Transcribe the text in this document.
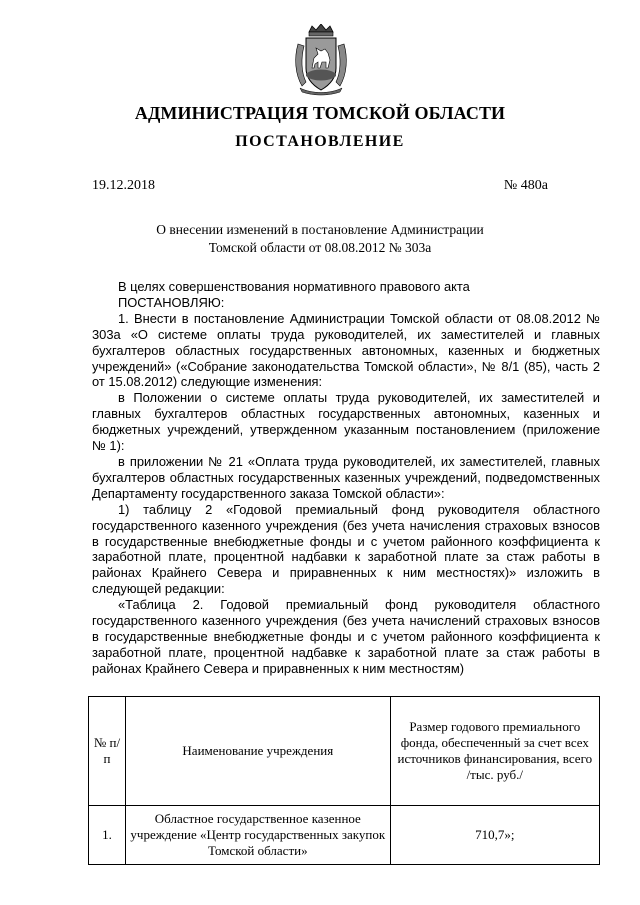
АДМИНИСТРАЦИЯ ТОМСКОЙ ОБЛАСТИ
ПОСТАНОВЛЕНИЕ
19.12.2018	№ 480а
О внесении изменений в постановление Администрации
Томской области от 08.08.2012 № 303а

В целях совершенствования нормативного правового акта

ПОСТАНОВЛЯЮ:

1. Внести в постановление Администрации Томской области от 08.08.2012 № 303а «О системе оплаты труда руководителей, их заместителей и главных бухгалтеров областных государственных автономных, казенных и бюджетных учреждений» («Собрание законодательства Томской области», № 8/1 (85), часть 2 от 15.08.2012) следующие изменения:

в Положении о системе оплаты труда руководителей, их заместителей и главных бухгалтеров областных государственных автономных, казенных и бюджетных учреждений, утвержденном указанным постановлением (приложение № 1):

в приложении № 21 «Оплата труда руководителей, их заместителей, главных бухгалтеров областных государственных казенных учреждений, подведомственных Департаменту государственного заказа Томской области»:

1) таблицу 2 «Годовой премиальный фонд руководителя областного государственного казенного учреждения (без учета начисления страховых взносов в государственные внебюджетные фонды и с учетом районного коэффициента к заработной плате, процентной надбавки к заработной плате за стаж работы в районах Крайнего Севера и приравненных к ним местностях)» изложить в следующей редакции:

«Таблица 2. Годовой премиальный фонд руководителя областного государственного казенного учреждения (без учета начислений страховых взносов в государственные внебюджетные фонды и с учетом районного коэффициента к заработной плате, процентной надбавке к заработной плате за стаж работы в районах Крайнего Севера и приравненных к ним местностям)

№ п/п	Наименование учреждения	Размер годового премиального фонда, обеспеченный за счет всех источников финансирования, всего /тыс. руб./
1.	Областное государственное казенное учреждение «Центр государственных закупок Томской области»	710,7»;
